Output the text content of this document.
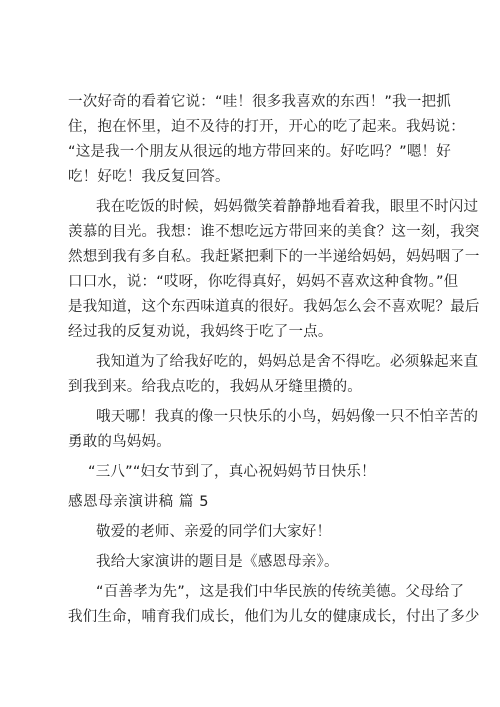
一次好奇的看着它说：“哇！很多我喜欢的东西！”我一把抓
住，抱在怀里，迫不及待的打开，开心的吃了起来。我妈说：
“这是我一个朋友从很远的地方带回来的。好吃吗？”嗯！好
吃！好吃！我反复回答。
我在吃饭的时候，妈妈微笑着静静地看着我，眼里不时闪过
羡慕的目光。我想：谁不想吃远方带回来的美食？这一刻，我突
然想到我有多自私。我赶紧把剩下的一半递给妈妈，妈妈咽了一
口口水，说：“哎呀，你吃得真好，妈妈不喜欢这种食物。”但
是我知道，这个东西味道真的很好。我妈怎么会不喜欢呢？最后
经过我的反复劝说，我妈终于吃了一点。
我知道为了给我好吃的，妈妈总是舍不得吃。必须躲起来直
到我到来。给我点吃的，我妈从牙缝里攒的。
哦天哪！我真的像一只快乐的小鸟，妈妈像一只不怕辛苦的
勇敢的鸟妈妈。
“三八”“妇女节到了，真心祝妈妈节日快乐！
感恩母亲演讲稿 篇 5
敬爱的老师、亲爱的同学们大家好！
我给大家演讲的题目是《感恩母亲》。
“百善孝为先”，这是我们中华民族的传统美德。父母给了
我们生命，哺育我们成长，他们为儿女的健康成长，付出了多少
